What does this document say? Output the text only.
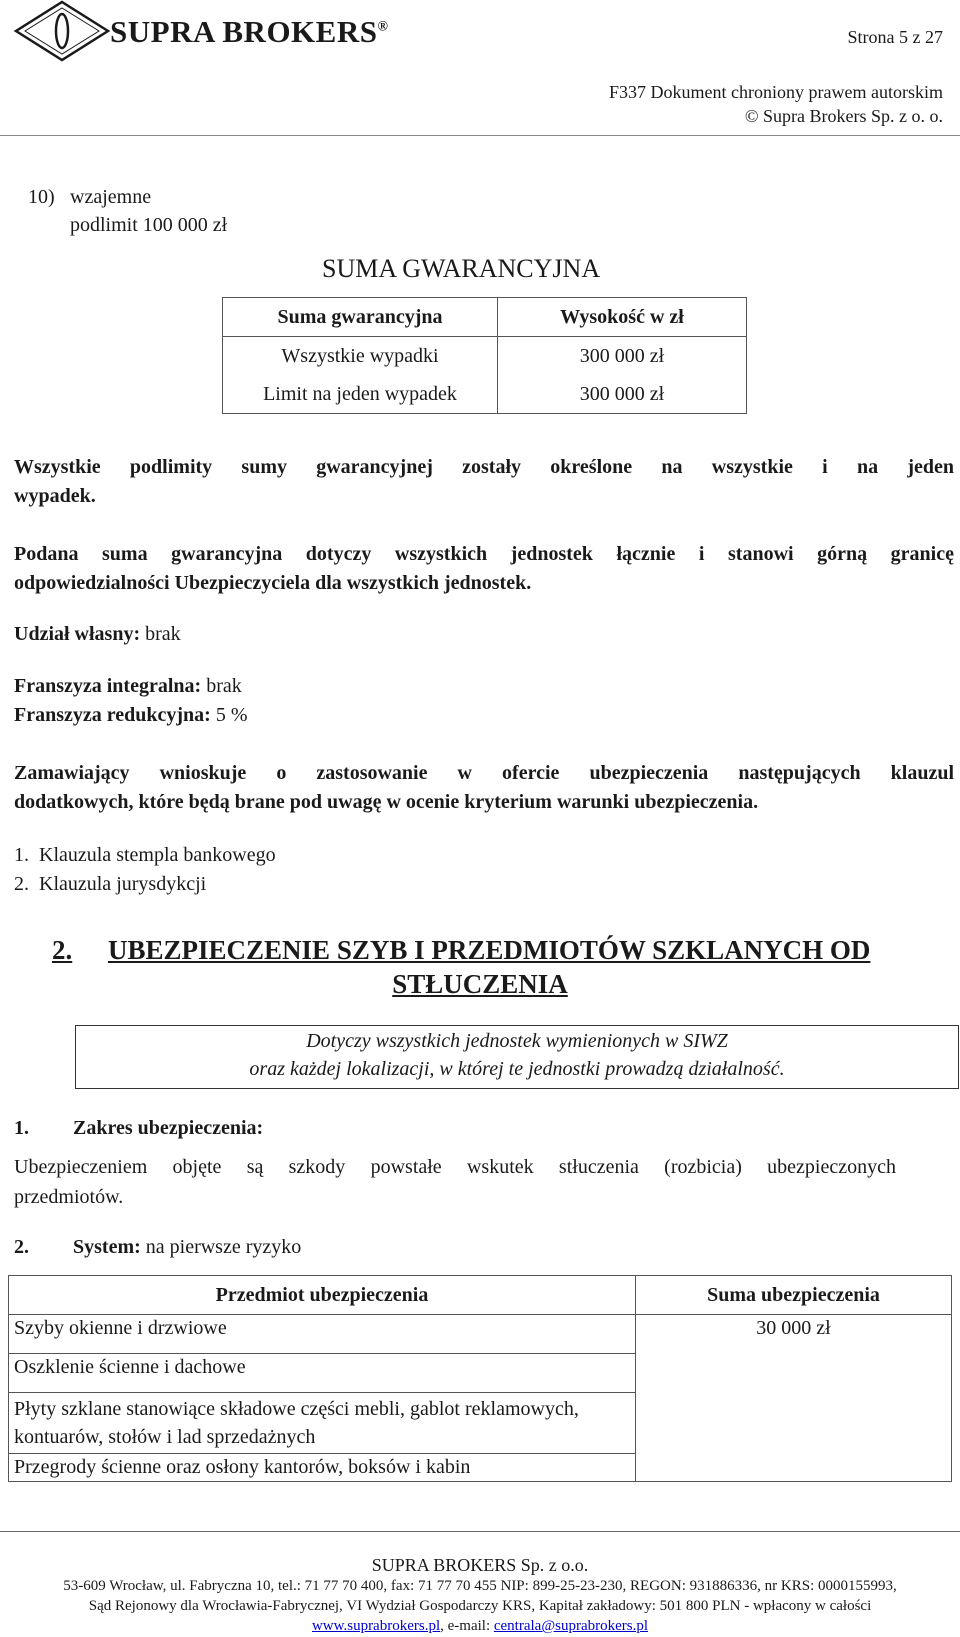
SUPRA BROKERS®	Strona 5 z 27
F337 Dokument chroniony prawem autorskim
© Supra Brokers Sp. z o. o.
10) wzajemne
podlimit 100 000 zł
SUMA GWARANCYJNA
Suma gwarancyjna	Wysokość w zł
Wszystkie wypadki	300 000 zł
Limit na jeden wypadek	300 000 zł
Wszystkie podlimity sumy gwarancyjnej zostały określone na wszystkie i na jeden
wypadek.
Podana suma gwarancyjna dotyczy wszystkich jednostek łącznie i stanowi górną granicę
odpowiedzialności Ubezpieczyciela dla wszystkich jednostek.
Udział własny: brak
Franszyza integralna: brak
Franszyza redukcyjna: 5 %
Zamawiający wnioskuje o zastosowanie w ofercie ubezpieczenia następujących klauzul
dodatkowych, które będą brane pod uwagę w ocenie kryterium warunki ubezpieczenia.
1.  Klauzula stempla bankowego
2.  Klauzula jurysdykcji
2. UBEZPIECZENIE SZYB I PRZEDMIOTÓW SZKLANYCH OD
STŁUCZENIA
Dotyczy wszystkich jednostek wymienionych w SIWZ
oraz każdej lokalizacji, w której te jednostki prowadzą działalność.
1. Zakres ubezpieczenia:
Ubezpieczeniem objęte są szkody powstałe wskutek stłuczenia (rozbicia) ubezpieczonych
przedmiotów.
2. System: na pierwsze ryzyko
Przedmiot ubezpieczenia	Suma ubezpieczenia
Szyby okienne i drzwiowe	30 000 zł
Oszklenie ścienne i dachowe	
Płyty szklane stanowiące składowe części mebli, gablot reklamowych, kontuarów, stołów i lad sprzedażnych	
Przegrody ścienne oraz osłony kantorów, boksów i kabin	
SUPRA BROKERS Sp. z o.o.
53-609 Wrocław, ul. Fabryczna 10, tel.: 71 77 70 400, fax: 71 77 70 455 NIP: 899-25-23-230, REGON: 931886336, nr KRS: 0000155993,
Sąd Rejonowy dla Wrocławia-Fabrycznej, VI Wydział Gospodarczy KRS, Kapitał zakładowy: 501 800 PLN - wpłacony w całości
www.suprabrokers.pl, e-mail: centrala@suprabrokers.pl
